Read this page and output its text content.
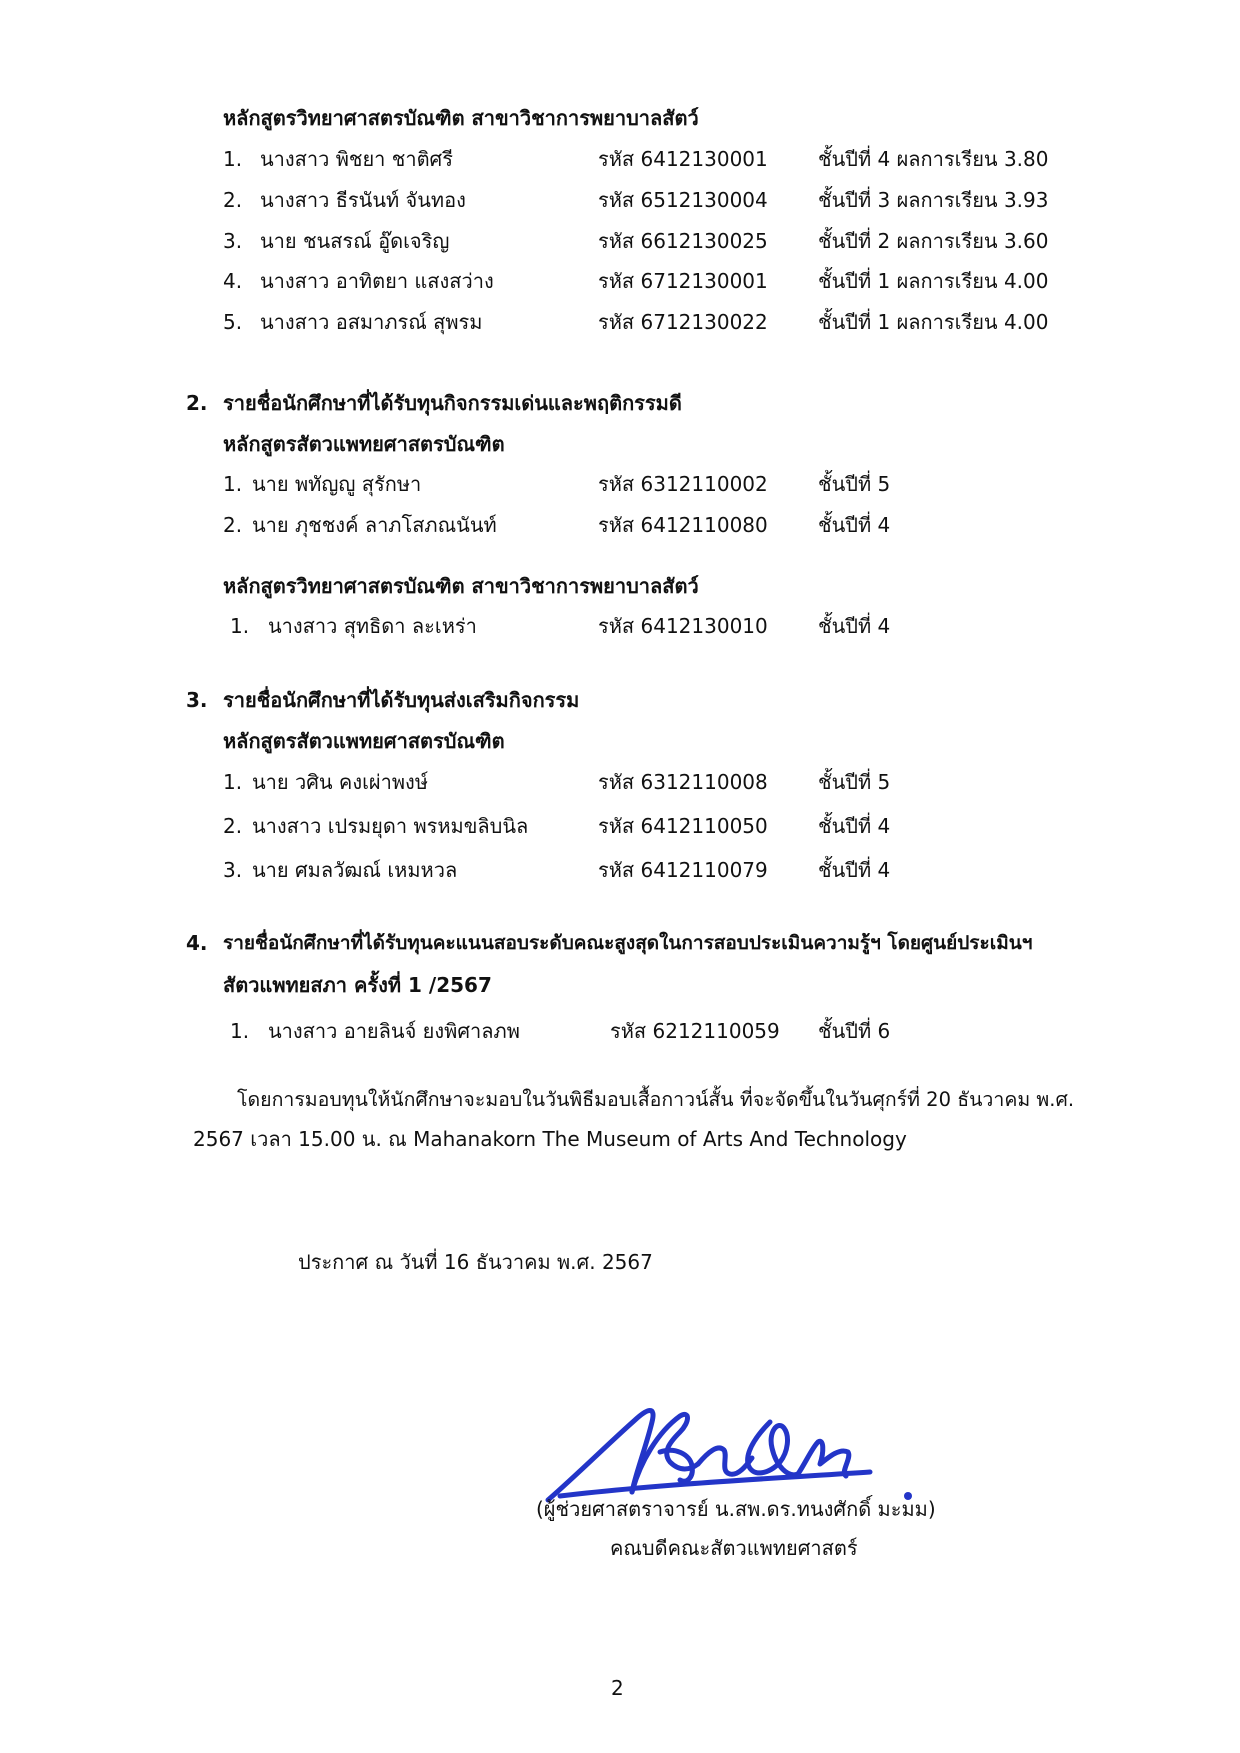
หลักสูตรวิทยาศาสตรบัณฑิต สาขาวิชาการพยาบาลสัตว์
1. นางสาว พิชยา ชาติศรี	รหัส 6412130001	ชั้นปีที่ 4 ผลการเรียน 3.80
2. นางสาว ธีรนันท์ จันทอง	รหัส 6512130004	ชั้นปีที่ 3 ผลการเรียน 3.93
3. นาย ชนสรณ์ อู๊ดเจริญ	รหัส 6612130025	ชั้นปีที่ 2 ผลการเรียน 3.60
4. นางสาว อาทิตยา แสงสว่าง	รหัส 6712130001	ชั้นปีที่ 1 ผลการเรียน 4.00
5. นางสาว อสมาภรณ์ สุพรม	รหัส 6712130022	ชั้นปีที่ 1 ผลการเรียน 4.00
2. รายชื่อนักศึกษาที่ได้รับทุนกิจกรรมเด่นและพฤติกรรมดี
หลักสูตรสัตวแพทยศาสตรบัณฑิต
1. นาย พทัญญู สุรักษา	รหัส 6312110002	ชั้นปีที่ 5
2. นาย ภุชชงค์ ลาภโสภณนันท์	รหัส 6412110080	ชั้นปีที่ 4
หลักสูตรวิทยาศาสตรบัณฑิต สาขาวิชาการพยาบาลสัตว์
1. นางสาว สุทธิดา ละเหร่า	รหัส 6412130010	ชั้นปีที่ 4
3. รายชื่อนักศึกษาที่ได้รับทุนส่งเสริมกิจกรรม
หลักสูตรสัตวแพทยศาสตรบัณฑิต
1. นาย วศิน คงเผ่าพงษ์	รหัส 6312110008	ชั้นปีที่ 5
2. นางสาว เปรมยุดา พรหมขลิบนิล	รหัส 6412110050	ชั้นปีที่ 4
3. นาย ศมลวัฒณ์ เหมหวล	รหัส 6412110079	ชั้นปีที่ 4
4. รายชื่อนักศึกษาที่ได้รับทุนคะแนนสอบระดับคณะสูงสุดในการสอบประเมินความรู้ฯ โดยศูนย์ประเมินฯ
สัตวแพทยสภา ครั้งที่ 1 /2567
1. นางสาว อายลินจ์ ยงพิศาลภพ	รหัส 6212110059 ชั้นปีที่ 6
โดยการมอบทุนให้นักศึกษาจะมอบในวันพิธีมอบเสื้อกาวน์สั้น ที่จะจัดขึ้นในวันศุกร์ที่ 20 ธันวาคม พ.ศ.
2567 เวลา 15.00 น. ณ Mahanakorn The Museum of Arts And Technology
ประกาศ ณ วันที่ 16 ธันวาคม พ.ศ. 2567
(ผู้ช่วยศาสตราจารย์ น.สพ.ดร.ทนงศักดิ์ มะมม)
คณบดีคณะสัตวแพทยศาสตร์
2
